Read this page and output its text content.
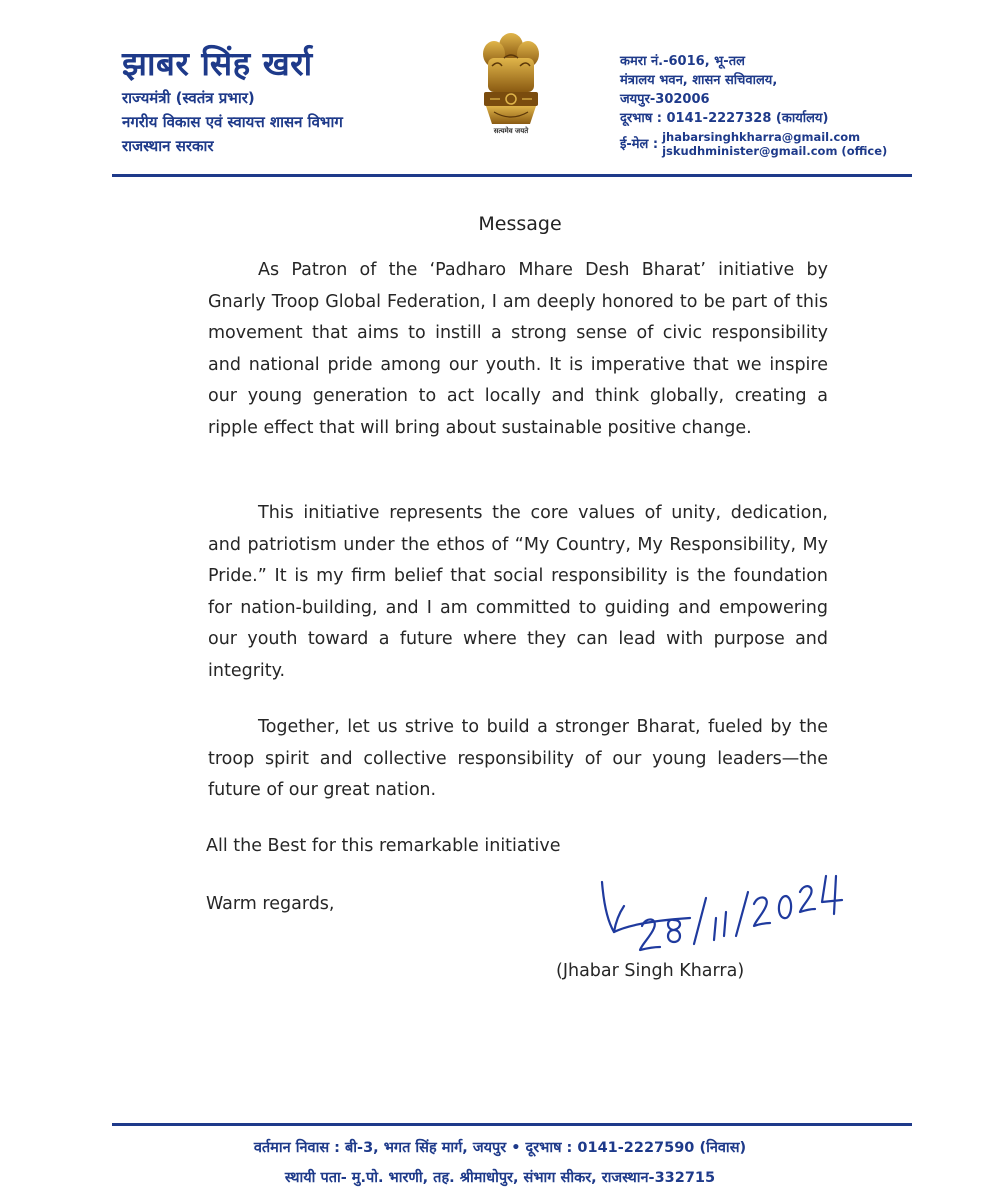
झाबर सिंह खर्रा
राज्यमंत्री (स्वतंत्र प्रभार)
नगरीय विकास एवं स्वायत्त शासन विभाग
राजस्थान सरकार
सत्यमेव जयते
कमरा नं.-6016, भू-तल
मंत्रालय भवन, शासन सचिवालय,
जयपुर-302006
दूरभाष : 0141-2227328 (कार्यालय)
ई-मेल : jhabarsinghkharra@gmail.com
jskudhminister@gmail.com (office)
Message

As Patron of the ‘Padharo Mhare Desh Bharat’ initiative by Gnarly Troop Global Federation, I am deeply honored to be part of this movement that aims to instill a strong sense of civic responsibility and national pride among our youth. It is imperative that we inspire our young generation to act locally and think globally, creating a ripple effect that will bring about sustainable positive change.

This initiative represents the core values of unity, dedication, and patriotism under the ethos of “My Country, My Responsibility, My Pride.” It is my firm belief that social responsibility is the foundation for nation-building, and I am committed to guiding and empowering our youth toward a future where they can lead with purpose and integrity.

Together, let us strive to build a stronger Bharat, fueled by the troop spirit and collective responsibility of our young leaders—the future of our great nation.

All the Best for this remarkable initiative
Warm regards,
(Jhabar Singh Kharra)
वर्तमान निवास : बी-3, भगत सिंह मार्ग, जयपुर • दूरभाष : 0141-2227590 (निवास)
स्थायी पता- मु.पो. भारणी, तह. श्रीमाधोपुर, संभाग सीकर, राजस्थान-332715
